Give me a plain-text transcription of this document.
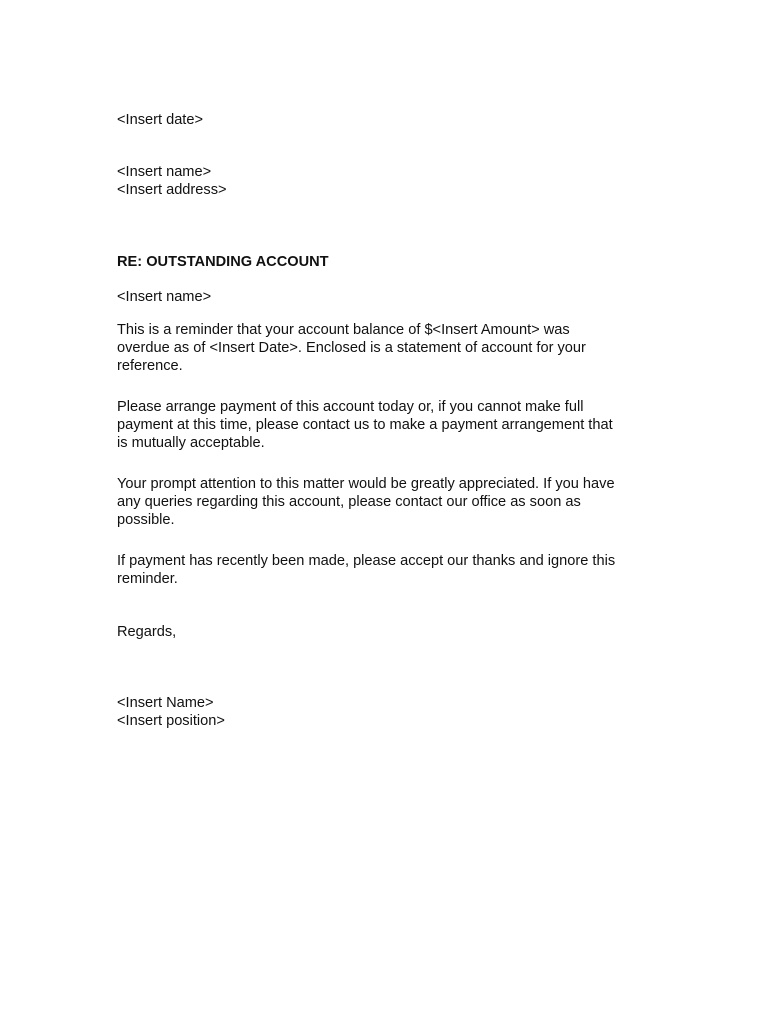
<Insert date>
<Insert name>
<Insert address>
RE: OUTSTANDING ACCOUNT
<Insert name>
This is a reminder that your account balance of $<Insert Amount> was
overdue as of <Insert Date>. Enclosed is a statement of account for your
reference.
Please arrange payment of this account today or, if you cannot make full
payment at this time, please contact us to make a payment arrangement that
is mutually acceptable.
Your prompt attention to this matter would be greatly appreciated. If you have
any queries regarding this account, please contact our office as soon as
possible.
If payment has recently been made, please accept our thanks and ignore this
reminder.
Regards,
<Insert Name>
<Insert position>
